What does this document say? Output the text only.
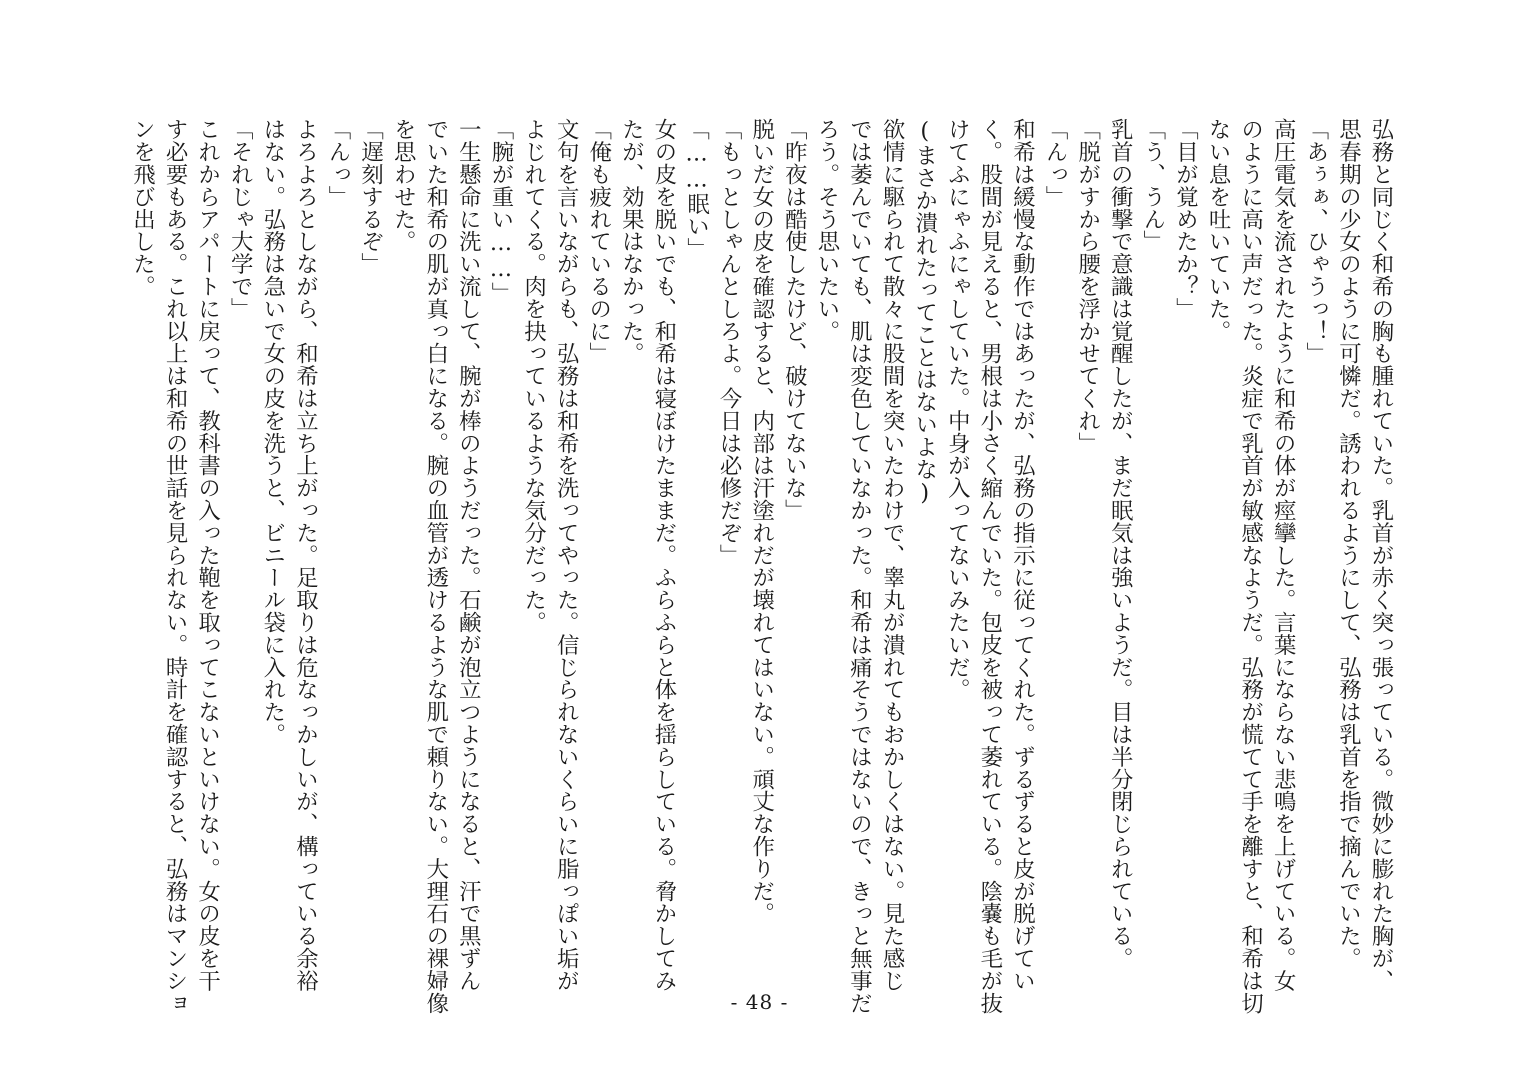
弘務と同じく和希の胸も腫れていた。乳首が赤く突っ張っている。微妙に膨れた胸が、
思春期の少女のように可憐だ。誘われるようにして、弘務は乳首を指で摘んでいた。
「あぅぁ、ひゃうっ！」
高圧電気を流されたように和希の体が痙攣した。言葉にならない悲鳴を上げている。女
のように高い声だった。炎症で乳首が敏感なようだ。弘務が慌てて手を離すと、和希は切
ない息を吐いていた。
「目が覚めたか？」
「う、うん」
乳首の衝撃で意識は覚醒したが、まだ眠気は強いようだ。目は半分閉じられている。
「脱がすから腰を浮かせてくれ」
「んっ」
和希は緩慢な動作ではあったが、弘務の指示に従ってくれた。ずるずると皮が脱げてい
く。股間が見えると、男根は小さく縮んでいた。包皮を被って萎れている。陰嚢も毛が抜
けてふにゃふにゃしていた。中身が入ってないみたいだ。
(まさか潰れたってことはないよな)
欲情に駆られて散々に股間を突いたわけで、睾丸が潰れてもおかしくはない。見た感じ
では萎んでいても、肌は変色していなかった。和希は痛そうではないので、きっと無事だ
ろう。そう思いたい。
「昨夜は酷使したけど、破けてないな」
脱いだ女の皮を確認すると、内部は汗塗れだが壊れてはいない。頑丈な作りだ。
「もっとしゃんとしろよ。今日は必修だぞ」
「……眠い」
女の皮を脱いでも、和希は寝ぼけたままだ。ふらふらと体を揺らしている。脅かしてみ
たが、効果はなかった。
「俺も疲れているのに」
文句を言いながらも、弘務は和希を洗ってやった。信じられないくらいに脂っぽい垢が
よじれてくる。肉を抉っているような気分だった。
「腕が重い……」
一生懸命に洗い流して、腕が棒のようだった。石鹸が泡立つようになると、汗で黒ずん
でいた和希の肌が真っ白になる。腕の血管が透けるような肌で頼りない。大理石の裸婦像
を思わせた。
「遅刻するぞ」
「んっ」
よろよろとしながら、和希は立ち上がった。足取りは危なっかしいが、構っている余裕
はない。弘務は急いで女の皮を洗うと、ビニール袋に入れた。
「それじゃ大学で」
これからアパートに戻って、教科書の入った鞄を取ってこないといけない。女の皮を干
す必要もある。これ以上は和希の世話を見られない。時計を確認すると、弘務はマンショ
ンを飛び出した。
- 48 -
